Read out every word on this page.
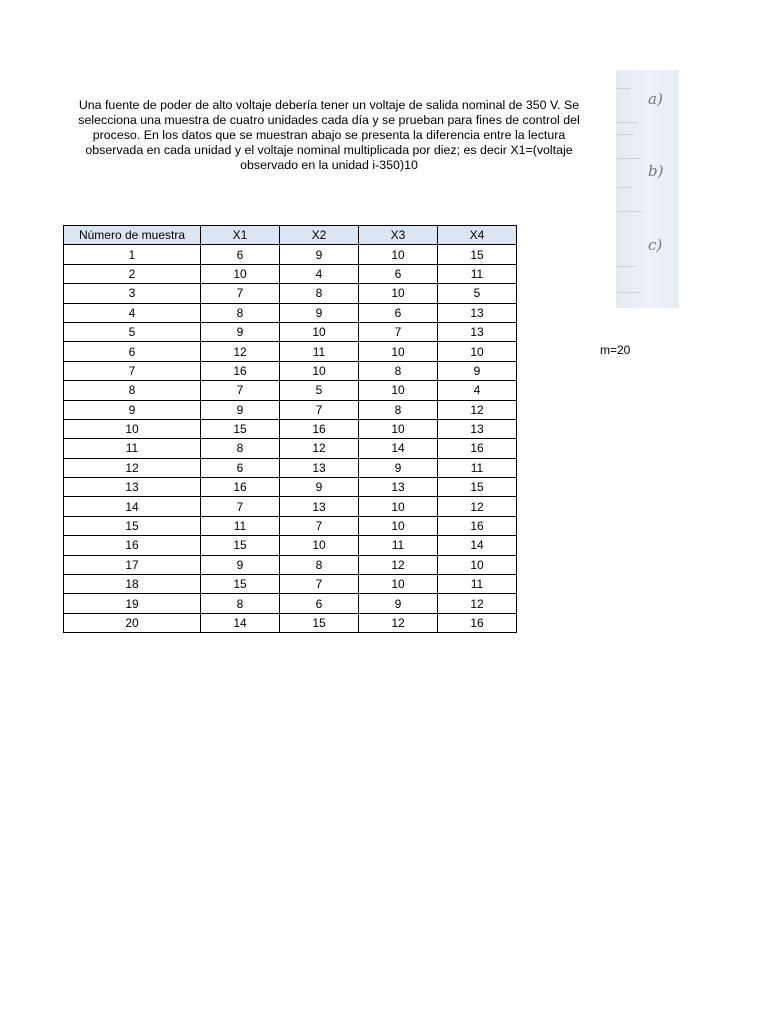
Una fuente de poder de alto voltaje debería tener un voltaje de salida nominal de 350 V. Se selecciona una muestra de cuatro unidades cada día y se prueban para fines de control del proceso. En los datos que se muestran abajo se presenta la diferencia entre la lectura observada en cada unidad y el voltaje nominal multiplicada por diez; es decir X1=(voltaje observado en la unidad i-350)10

Número de muestra	X1	X2	X3	X4
1	6	9	10	15
2	10	4	6	11
3	7	8	10	5
4	8	9	6	13
5	9	10	7	13
6	12	11	10	10
7	16	10	8	9
8	7	5	10	4
9	9	7	8	12
10	15	16	10	13
11	8	12	14	16
12	6	13	9	11
13	16	9	13	15
14	7	13	10	12
15	11	7	10	16
16	15	10	11	14
17	9	8	12	10
18	15	7	10	11
19	8	6	9	12
20	14	15	12	16
a)
b)
c)

m=20
